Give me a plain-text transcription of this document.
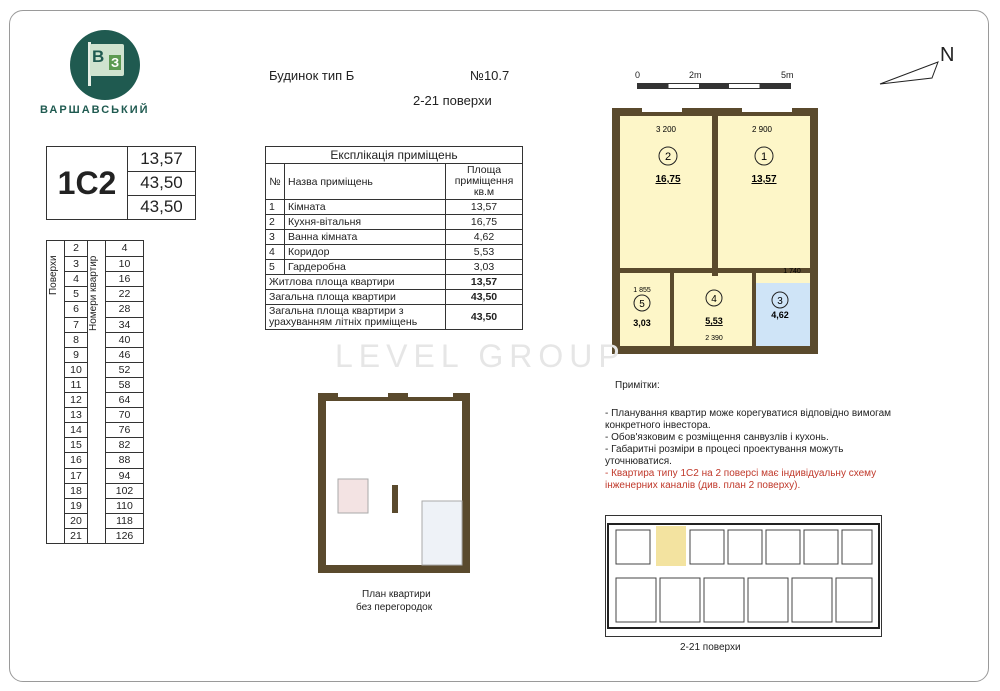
В З
ВАРШАВСЬКИЙ
1С2
13,57
43,50
43,50
Поверхи	Номери квартир
2	4
3	10
4	16
5	22
6	28
7	34
8	40
9	46
10	52
11	58
12	64
13	70
14	76
15	82
16	88
17	94
18	102
19	110
20	118
21	126
Будинок тип Б	№10.7
2-21 поверхи
Експлікація приміщень		
№	Назва приміщень	Площа приміщення кв.м
1	Кімната	13,57
2	Кухня-вітальня	16,75
3	Ванна кімната	4,62
4	Коридор	5,53
5	Гардеробна	3,03
Житлова площа квартири		13,57
Загальна площа квартири		43,50
Загальна площа квартири з урахуванням літніх приміщень		43,50
0	2m	5m
N
3 200	2 900
2
16,75
1
13,57
5
3,03
4
5,53
3
4,62
1 740
1 855
2 390
План квартири
без перегородок
LEVEL GROUP
Примітки:
- Планування квартир може корегуватися відповідно вимогам конкретного інвестора.
- Обов'язковим є розміщення санвузлів і кухонь.
- Габаритні розміри в процесі проектування можуть уточнюватися.
- Квартира типу 1С2 на 2 поверсі має індивідуальну схему інженерних каналів (див. план 2 поверху).
2-21 поверхи
